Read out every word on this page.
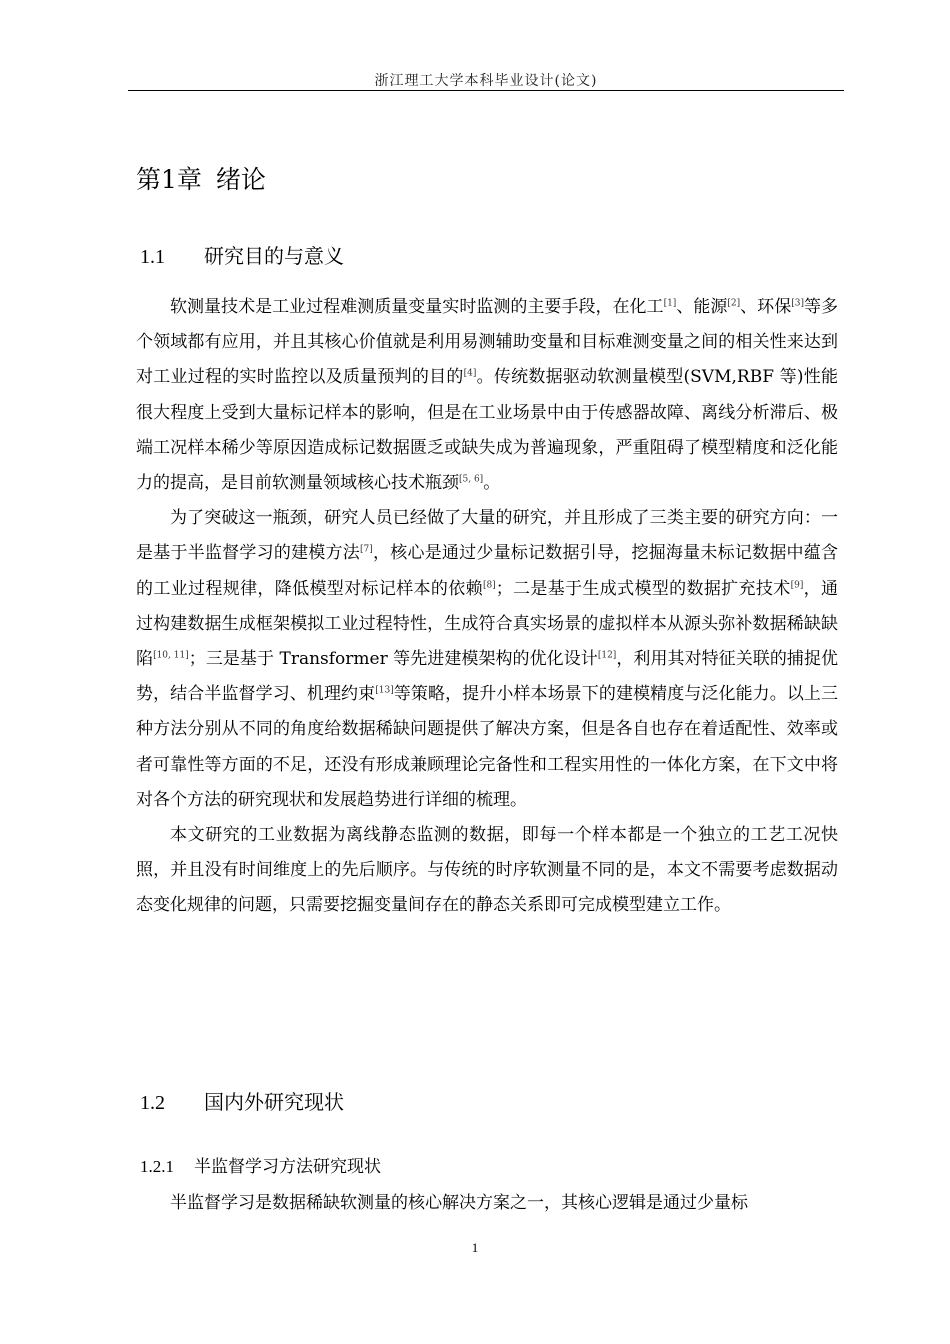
浙江理工大学本科毕业设计(论文)
第1章 绪论
1.1 研究目的与意义

软测量技术是工业过程难测质量变量实时监测的主要手段，在化工[1]、能源[2]、环保[3]等多个领域都有应用，并且其核心价值就是利用易测辅助变量和目标难测变量之间的相关性来达到对工业过程的实时监控以及质量预判的目的[4]。传统数据驱动软测量模型(SVM,RBF 等)性能很大程度上受到大量标记样本的影响，但是在工业场景中由于传感器故障、离线分析滞后、极端工况样本稀少等原因造成标记数据匮乏或缺失成为普遍现象，严重阻碍了模型精度和泛化能力的提高，是目前软测量领域核心技术瓶颈[5, 6]。

为了突破这一瓶颈，研究人员已经做了大量的研究，并且形成了三类主要的研究方向：一是基于半监督学习的建模方法[7]，核心是通过少量标记数据引导，挖掘海量未标记数据中蕴含的工业过程规律，降低模型对标记样本的依赖[8]；二是基于生成式模型的数据扩充技术[9]，通过构建数据生成框架模拟工业过程特性，生成符合真实场景的虚拟样本从源头弥补数据稀缺缺陷[10, 11]；三是基于 Transformer 等先进建模架构的优化设计[12]，利用其对特征关联的捕捉优势，结合半监督学习、机理约束[13]等策略，提升小样本场景下的建模精度与泛化能力。以上三种方法分别从不同的角度给数据稀缺问题提供了解决方案，但是各自也存在着适配性、效率或者可靠性等方面的不足，还没有形成兼顾理论完备性和工程实用性的一体化方案，在下文中将对各个方法的研究现状和发展趋势进行详细的梳理。

本文研究的工业数据为离线静态监测的数据，即每一个样本都是一个独立的工艺工况快照，并且没有时间维度上的先后顺序。与传统的时序软测量不同的是，本文不需要考虑数据动态变化规律的问题，只需要挖掘变量间存在的静态关系即可完成模型建立工作。

1.2 国内外研究现状
1.2.1 半监督学习方法研究现状

半监督学习是数据稀缺软测量的核心解决方案之一，其核心逻辑是通过少量标

1
